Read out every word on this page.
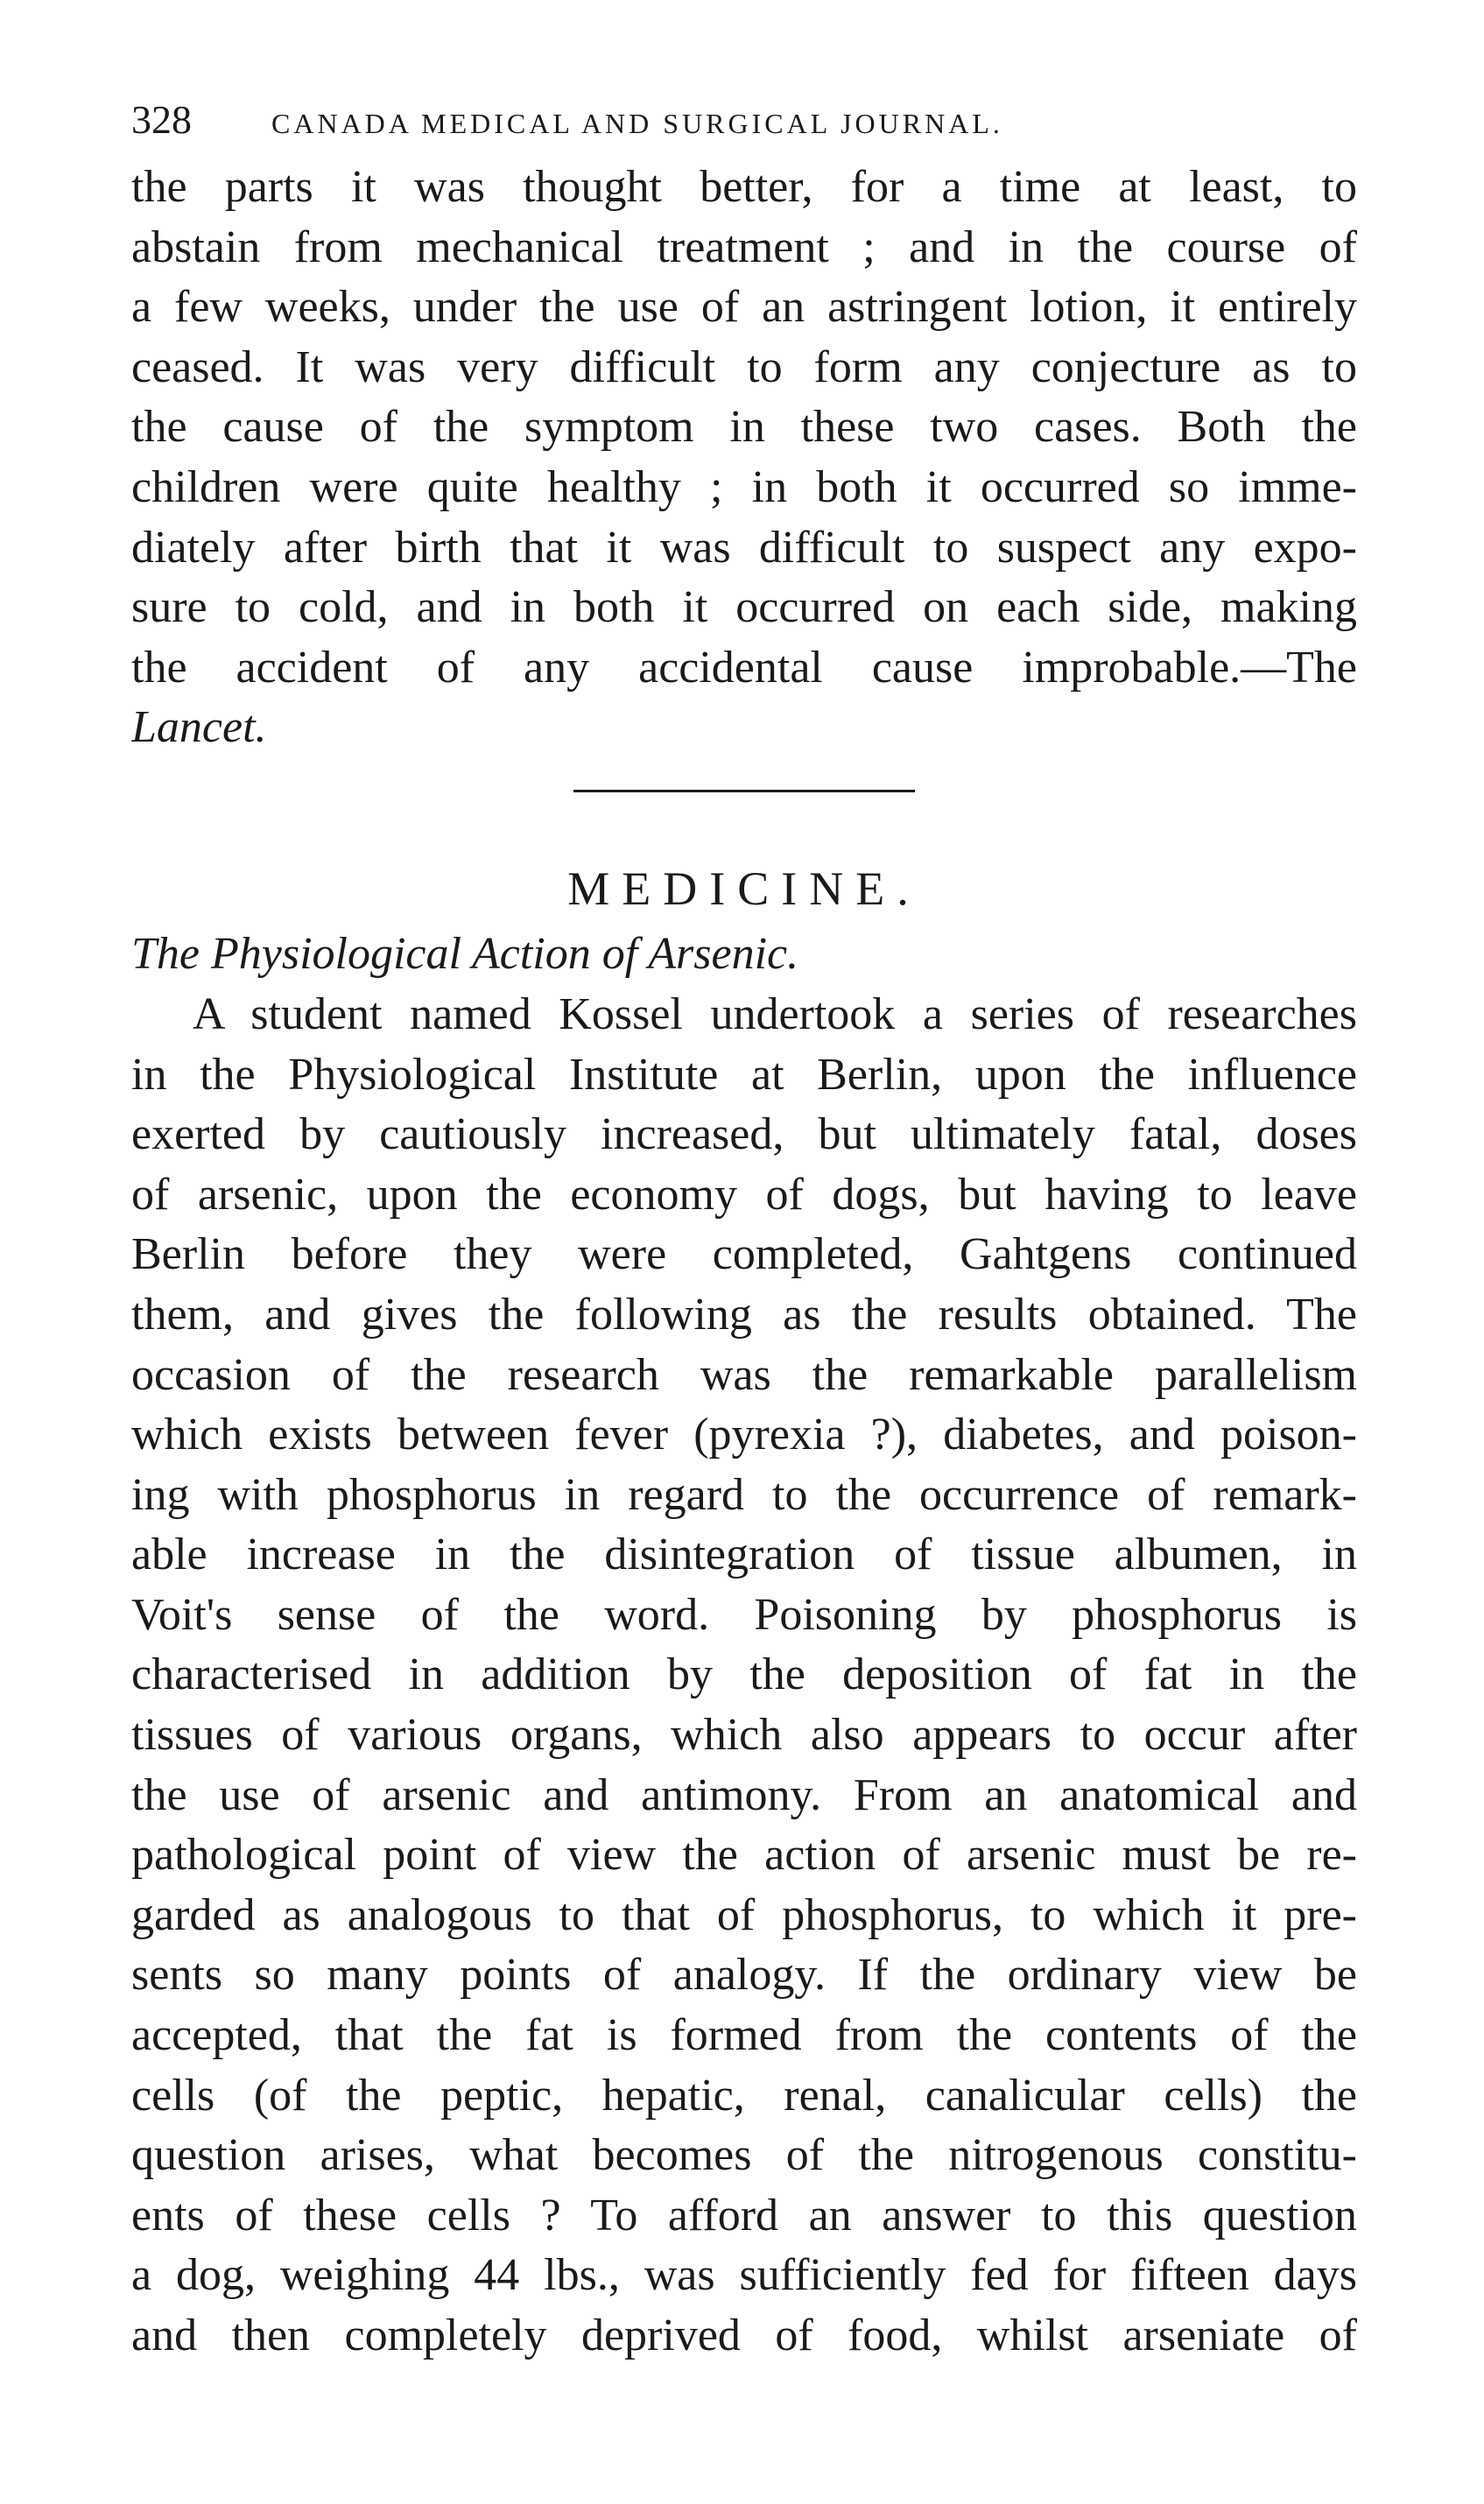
328	CANADA MEDICAL AND SURGICAL JOURNAL.
the parts it was thought better, for a time at least, to
abstain from mechanical treatment ; and in the course of
a few weeks, under the use of an astringent lotion, it entirely
ceased. It was very difficult to form any conjecture as to
the cause of the symptom in these two cases. Both the
children were quite healthy ; in both it occurred so imme-
diately after birth that it was difficult to suspect any expo-
sure to cold, and in both it occurred on each side, making
the accident of any accidental cause improbable.—The
Lancet.
MEDICINE.
The Physiological Action of Arsenic.
A student named Kossel undertook a series of researches
in the Physiological Institute at Berlin, upon the influence
exerted by cautiously increased, but ultimately fatal, doses
of arsenic, upon the economy of dogs, but having to leave
Berlin before they were completed, Gahtgens continued
them, and gives the following as the results obtained. The
occasion of the research was the remarkable parallelism
which exists between fever (pyrexia ?), diabetes, and poison-
ing with phosphorus in regard to the occurrence of remark-
able increase in the disintegration of tissue albumen, in
Voit's sense of the word. Poisoning by phosphorus is
characterised in addition by the deposition of fat in the
tissues of various organs, which also appears to occur after
the use of arsenic and antimony. From an anatomical and
pathological point of view the action of arsenic must be re-
garded as analogous to that of phosphorus, to which it pre-
sents so many points of analogy. If the ordinary view be
accepted, that the fat is formed from the contents of the
cells (of the peptic, hepatic, renal, canalicular cells) the
question arises, what becomes of the nitrogenous constitu-
ents of these cells ? To afford an answer to this question
a dog, weighing 44 lbs., was sufficiently fed for fifteen days
and then completely deprived of food, whilst arseniate of
